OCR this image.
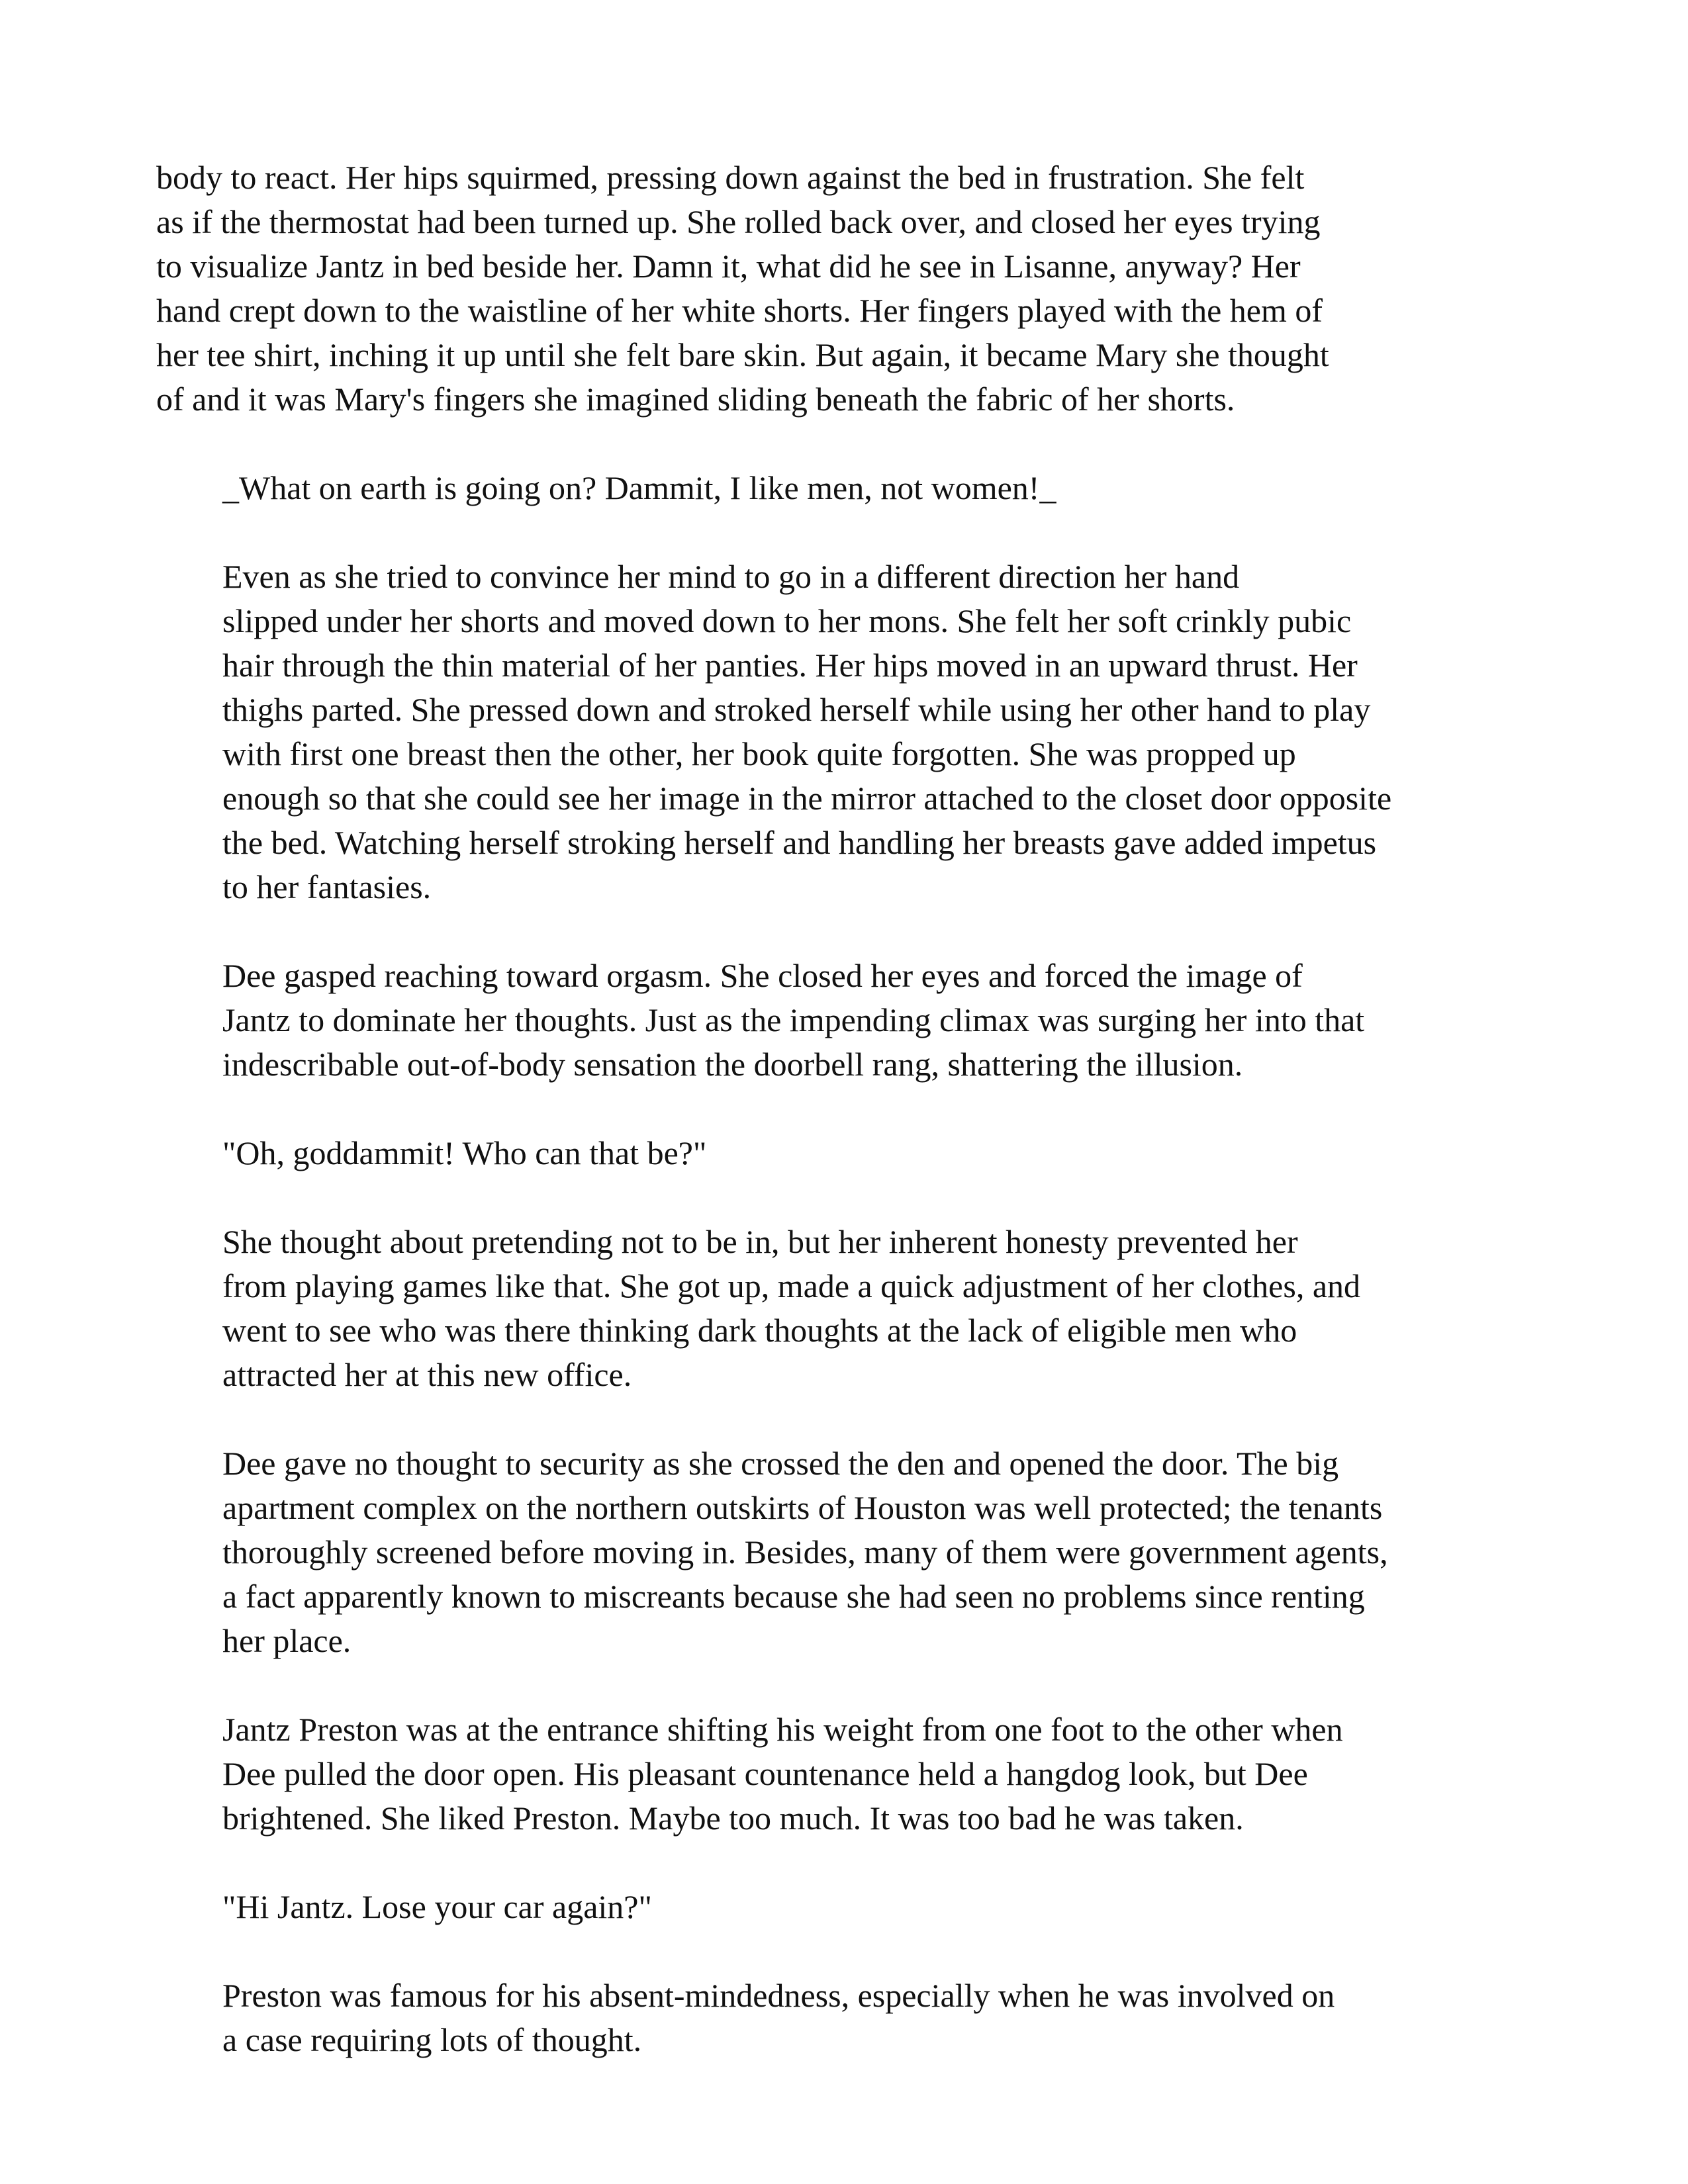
body to react. Her hips squirmed, pressing down against the bed in frustration. She felt
as if the thermostat had been turned up. She rolled back over, and closed her eyes trying
to visualize Jantz in bed beside her. Damn it, what did he see in Lisanne, anyway? Her
hand crept down to the waistline of her white shorts. Her fingers played with the hem of
her tee shirt, inching it up until she felt bare skin. But again, it became Mary she thought
of and it was Mary's fingers she imagined sliding beneath the fabric of her shorts.

_What on earth is going on? Dammit, I like men, not women!_

Even as she tried to convince her mind to go in a different direction her hand
slipped under her shorts and moved down to her mons. She felt her soft crinkly pubic
hair through the thin material of her panties. Her hips moved in an upward thrust. Her
thighs parted. She pressed down and stroked herself while using her other hand to play
with first one breast then the other, her book quite forgotten. She was propped up
enough so that she could see her image in the mirror attached to the closet door opposite
the bed. Watching herself stroking herself and handling her breasts gave added impetus
to her fantasies.

Dee gasped reaching toward orgasm. She closed her eyes and forced the image of
Jantz to dominate her thoughts. Just as the impending climax was surging her into that
indescribable out-of-body sensation the doorbell rang, shattering the illusion.

"Oh, goddammit! Who can that be?"

She thought about pretending not to be in, but her inherent honesty prevented her
from playing games like that. She got up, made a quick adjustment of her clothes, and
went to see who was there thinking dark thoughts at the lack of eligible men who
attracted her at this new office.

Dee gave no thought to security as she crossed the den and opened the door. The big
apartment complex on the northern outskirts of Houston was well protected; the tenants
thoroughly screened before moving in. Besides, many of them were government agents,
a fact apparently known to miscreants because she had seen no problems since renting
her place.

Jantz Preston was at the entrance shifting his weight from one foot to the other when
Dee pulled the door open. His pleasant countenance held a hangdog look, but Dee
brightened. She liked Preston. Maybe too much. It was too bad he was taken.

"Hi Jantz. Lose your car again?"

Preston was famous for his absent-mindedness, especially when he was involved on
a case requiring lots of thought.
